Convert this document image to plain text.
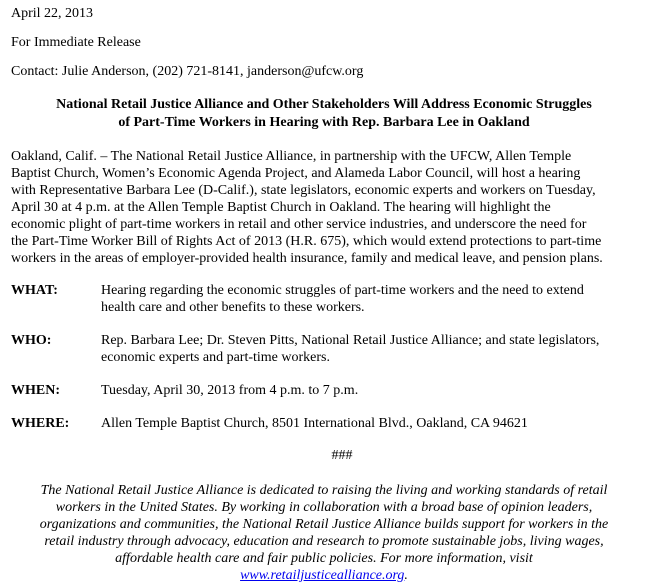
April 22, 2013

For Immediate Release

Contact: Julie Anderson, (202) 721-8141, janderson@ufcw.org

National Retail Justice Alliance and Other Stakeholders Will Address Economic Struggles
of Part-Time Workers in Hearing with Rep. Barbara Lee in Oakland
Oakland, Calif. – The National Retail Justice Alliance, in partnership with the UFCW, Allen Temple
Baptist Church, Women’s Economic Agenda Project, and Alameda Labor Council, will host a hearing
with Representative Barbara Lee (D-Calif.), state legislators, economic experts and workers on Tuesday,
April 30 at 4 p.m. at the Allen Temple Baptist Church in Oakland. The hearing will highlight the
economic plight of part-time workers in retail and other service industries, and underscore the need for
the Part-Time Worker Bill of Rights Act of 2013 (H.R. 675), which would extend protections to part-time
workers in the areas of employer-provided health insurance, family and medical leave, and pension plans.
WHAT:	Hearing regarding the economic struggles of part-time workers and the need to extend
health care and other benefits to these workers.
WHO:	Rep. Barbara Lee; Dr. Steven Pitts, National Retail Justice Alliance; and state legislators,
economic experts and part-time workers.
WHEN:	Tuesday, April 30, 2013 from 4 p.m. to 7 p.m.
WHERE:	Allen Temple Baptist Church, 8501 International Blvd., Oakland, CA 94621
###
The National Retail Justice Alliance is dedicated to raising the living and working standards of retail
workers in the United States. By working in collaboration with a broad base of opinion leaders,
organizations and communities, the National Retail Justice Alliance builds support for workers in the
retail industry through advocacy, education and research to promote sustainable jobs, living wages,
affordable health care and fair public policies. For more information, visit
www.retailjusticealliance.org.
